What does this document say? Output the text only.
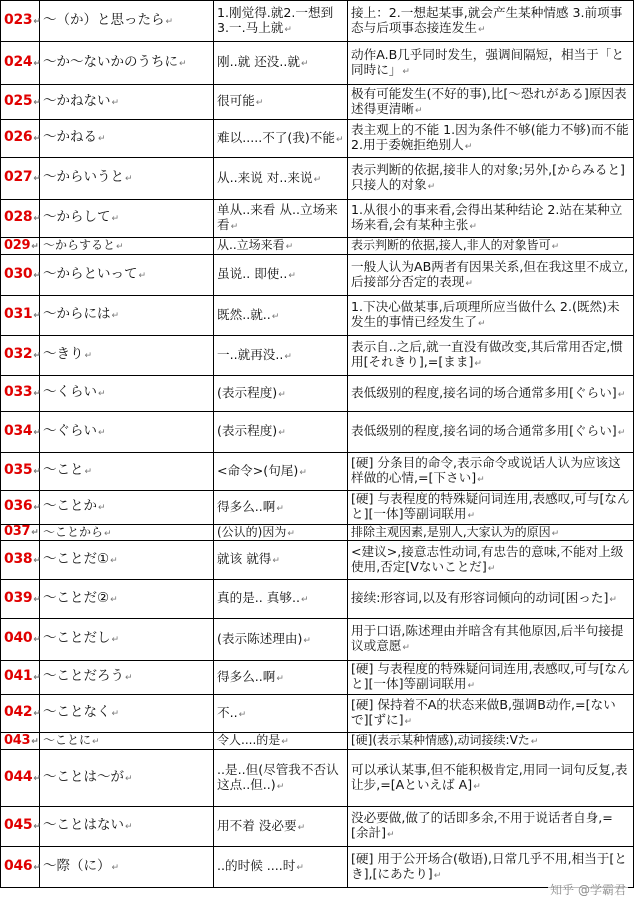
023↵	～（か）と思ったら↵	1.刚觉得.就2.一想到3.一.马上就↵	接上：2.一想起某事,就会产生某种情感 3.前项事态与后项事态接连发生↵
024↵	～か～ないかのうちに↵	刚..就 还没..就↵	动作A.B几乎同时发生，强调间隔短，相当于「と同時に」↵
025↵	～かねない↵	很可能↵	极有可能发生(不好的事),比[～恐れがある]原因表述得更清晰↵
026↵	～かねる↵	难以.....不了(我)不能↵	表主观上的不能 1.因为条件不够(能力不够)而不能 2.用于委婉拒绝别人↵
027↵	～からいうと↵	从..来说 对..来说↵	表示判断的依据,接非人的对象;另外,[からみると]只接人的对象↵
028↵	～からして↵	单从..来看 从..立场来看↵	1.从很小的事来看,会得出某种结论 2.站在某种立场来看,会有某种主张↵
029↵	～からすると↵	从..立场来看↵	表示判断的依据,接人,非人的对象皆可↵
030↵	～からといって↵	虽说.. 即使..↵	一般人认为AB两者有因果关系,但在我这里不成立,后接部分否定的表现↵
031↵	～からには↵	既然..就..↵	1.下决心做某事,后项理所应当做什么 2.(既然)未发生的事情已经发生了↵
032↵	～きり↵	一..就再没..↵	表示自..之后,就一直没有做改变,其后常用否定,惯用[それきり],=[まま]↵
033↵	～くらい↵	(表示程度)↵	表低级别的程度,接名词的场合通常多用[ぐらい]↵
034↵	～ぐらい↵	(表示程度)↵	表低级别的程度,接名词的场合通常多用[ぐらい]↵
035↵	～こと↵	<命令>(句尾)↵	[硬] 分条目的命令,表示命令或说话人认为应该这样做的心情,=[下さい]↵
036↵	～ことか↵	得多么..啊↵	[硬] 与表程度的特殊疑问词连用,表感叹,可与[なんと][一体]等副词联用↵
037↵	～ことから↵	(公认的)因为↵	排除主观因素,是别人,大家认为的原因↵
038↵	～ことだ①↵	就该 就得↵	<建议>,接意志性动词,有忠告的意味,不能对上级使用,否定[Vないことだ]↵
039↵	～ことだ②↵	真的是.. 真够..↵	接续:形容词,以及有形容词倾向的动词[困った]↵
040↵	～ことだし↵	(表示陈述理由)↵	用于口语,陈述理由并暗含有其他原因,后半句接提议或意愿↵
041↵	～ことだろう↵	得多么..啊↵	[硬] 与表程度的特殊疑问词连用,表感叹,可与[なんと][一体]等副词联用↵
042↵	～ことなく↵	不..↵	[硬] 保持着不A的状态来做B,强调B动作,=[ないで][ずに]↵
043↵	～ことに↵	令人....的是↵	[硬](表示某种情感),动词接续:Vた↵
044↵	～ことは～が↵	..是..但(尽管我不否认这点..但..)↵	可以承认某事,但不能积极肯定,用同一词句反复,表让步,=[Aといえば A]↵
045↵	～ことはない↵	用不着 没必要↵	没必要做,做了的话即多余,不用于说话者自身,=[余計]↵
046↵	～際（に）↵	..的时候 ....时↵	[硬] 用于公开场合(敬语),日常几乎不用,相当于[とき],[にあたり]↵
知乎 @学霸君
